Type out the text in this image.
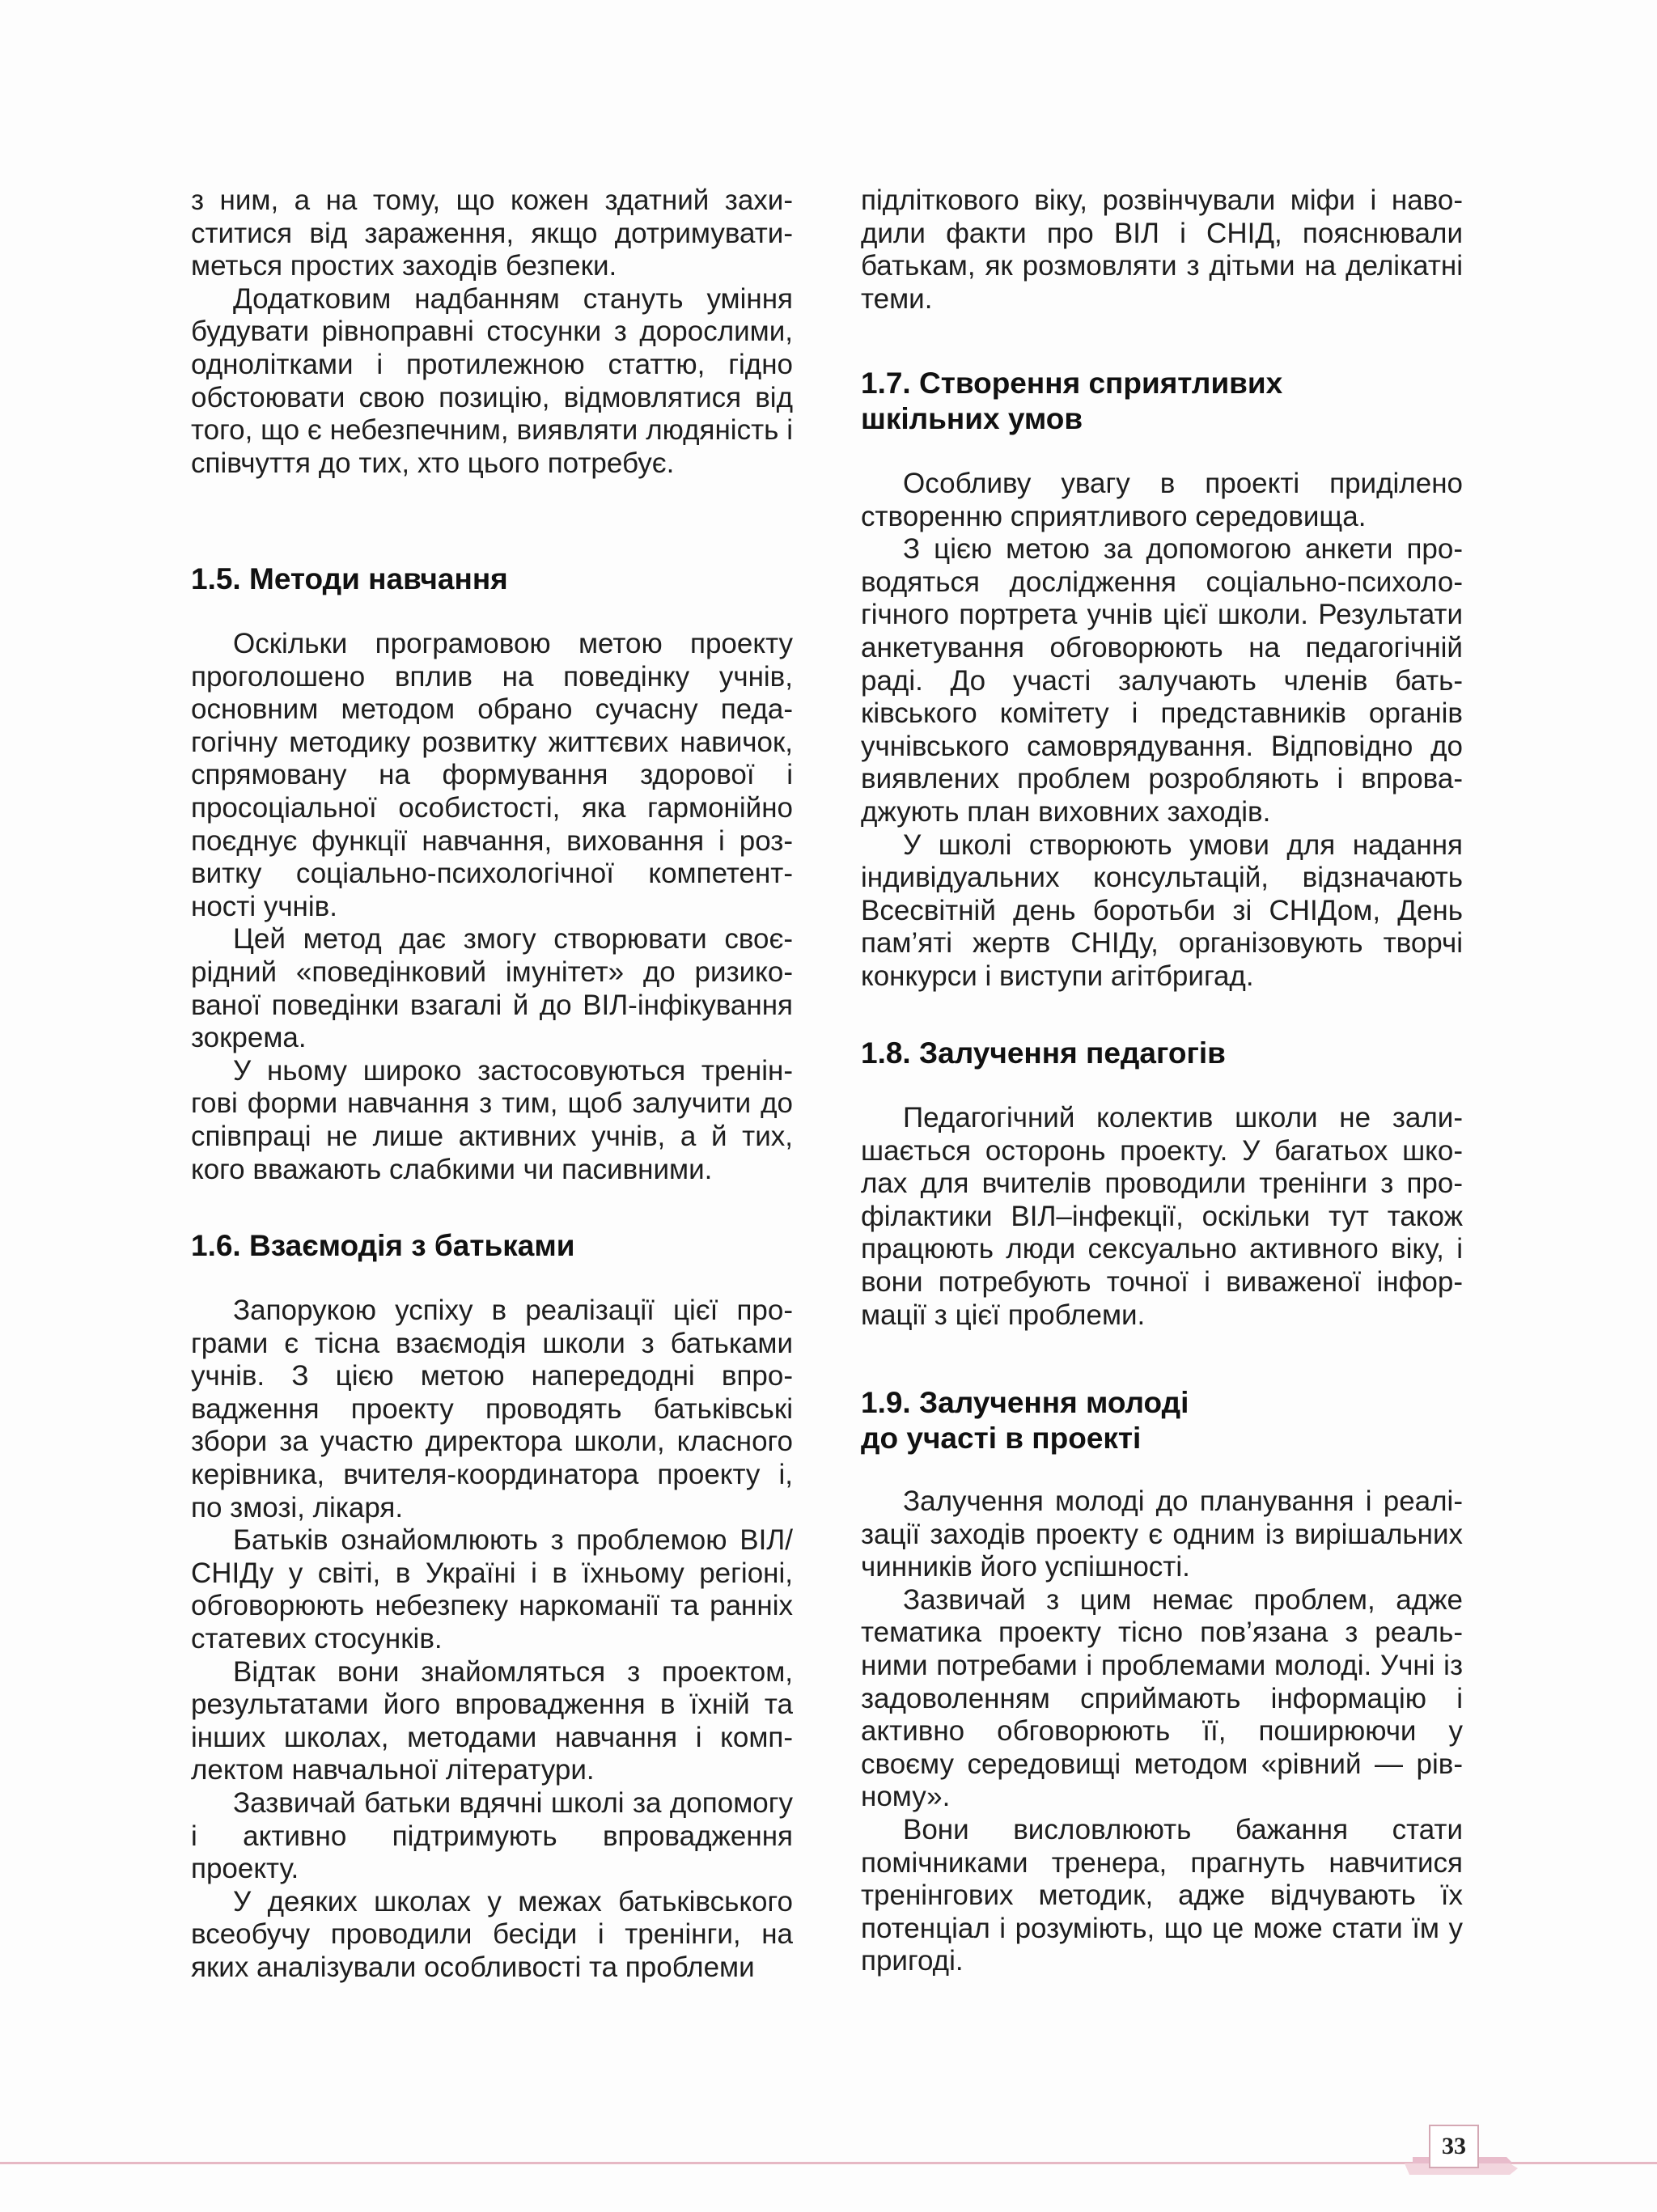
з ним, а на тому, що кожен здатний захиститися від зараження, якщо дотримуватиметься простих заходів безпеки.

Додатковим надбанням стануть уміння будувати рівноправні стосунки з дорослими, однолітками і протилежною статтю, гідно обстоювати свою позицію, відмовлятися від того, що є небезпечним, виявляти людяність і співчуття до тих, хто цього потребує.

1.5. Методи навчання

Оскільки програмовою метою проекту проголошено вплив на поведінку учнів, основним методом обрано сучасну педагогічну методику розвитку життєвих навичок, спрямовану на формування здорової і просоціальної особистості, яка гармонійно поєднує функції навчання, виховання і розвитку соціально-психологічної компетентності учнів.

Цей метод дає змогу створювати своєрідний «поведінковий імунітет» до ризикованої поведінки взагалі й до ВІЛ-інфікування зокрема.

У ньому широко застосовуються тренінгові форми навчання з тим, щоб залучити до співпраці не лише активних учнів, а й тих, кого вважають слабкими чи пасивними.

1.6. Взаємодія з батьками

Запорукою успіху в реалізації цієї програми є тісна взаємодія школи з батьками учнів. З цією метою напередодні впровадження проекту проводять батьківські збори за участю директора школи, класного керівника, вчителя-координатора проекту і, по змозі, лікаря.

Батьків ознайомлюють з проблемою ВІЛ/СНІДу у світі, в Україні і в їхньому регіоні, обговорюють небезпеку наркоманії та ранніх статевих стосунків.

Відтак вони знайомляться з проектом, результатами його впровадження в їхній та інших школах, методами навчання і комплектом навчальної літератури.

Зазвичай батьки вдячні школі за допомогу і активно підтримують впровадження проекту.

У деяких школах у межах батьківського всеобучу проводили бесіди і тренінги, на яких аналізували особливості та проблеми

підліткового віку, розвінчували міфи і наводили факти про ВІЛ і СНІД, пояснювали батькам, як розмовляти з дітьми на делікатні теми.

1.7. Створення сприятливих
шкільних умов

Особливу увагу в проекті приділено створенню сприятливого середовища.

З цією метою за допомогою анкети проводяться дослідження соціально-психологічного портрета учнів цієї школи. Результати анкетування обговорюють на педагогічній раді. До участі залучають членів батьківського комітету і представників органів учнівського самоврядування. Відповідно до виявлених проблем розробляють і впроваджують план виховних заходів.

У школі створюють умови для надання індивідуальних консультацій, відзначають Всесвітній день боротьби зі СНІДом, День пам’яті жертв СНІДу, організовують творчі конкурси і виступи агітбригад.

1.8. Залучення педагогів

Педагогічний колектив школи не залишається осторонь проекту. У багатьох школах для вчителів проводили тренінги з профілактики ВІЛ–інфекції, оскільки тут також працюють люди сексуально активного віку, і вони потребують точної і виваженої інформації з цієї проблеми.

1.9. Залучення молоді
до участі в проекті

Залучення молоді до планування і реалізації заходів проекту є одним із вирішальних чинників його успішності.

Зазвичай з цим немає проблем, адже тематика проекту тісно пов’язана з реальними потребами і проблемами молоді. Учні із задоволенням сприймають інформацію і активно обговорюють її, поширюючи у своєму середовищі методом «рівний — рівному».

Вони висловлюють бажання стати помічниками тренера, прагнуть навчитися тренінгових методик, адже відчувають їх потенціал і розуміють, що це може стати їм у пригоді.

33
